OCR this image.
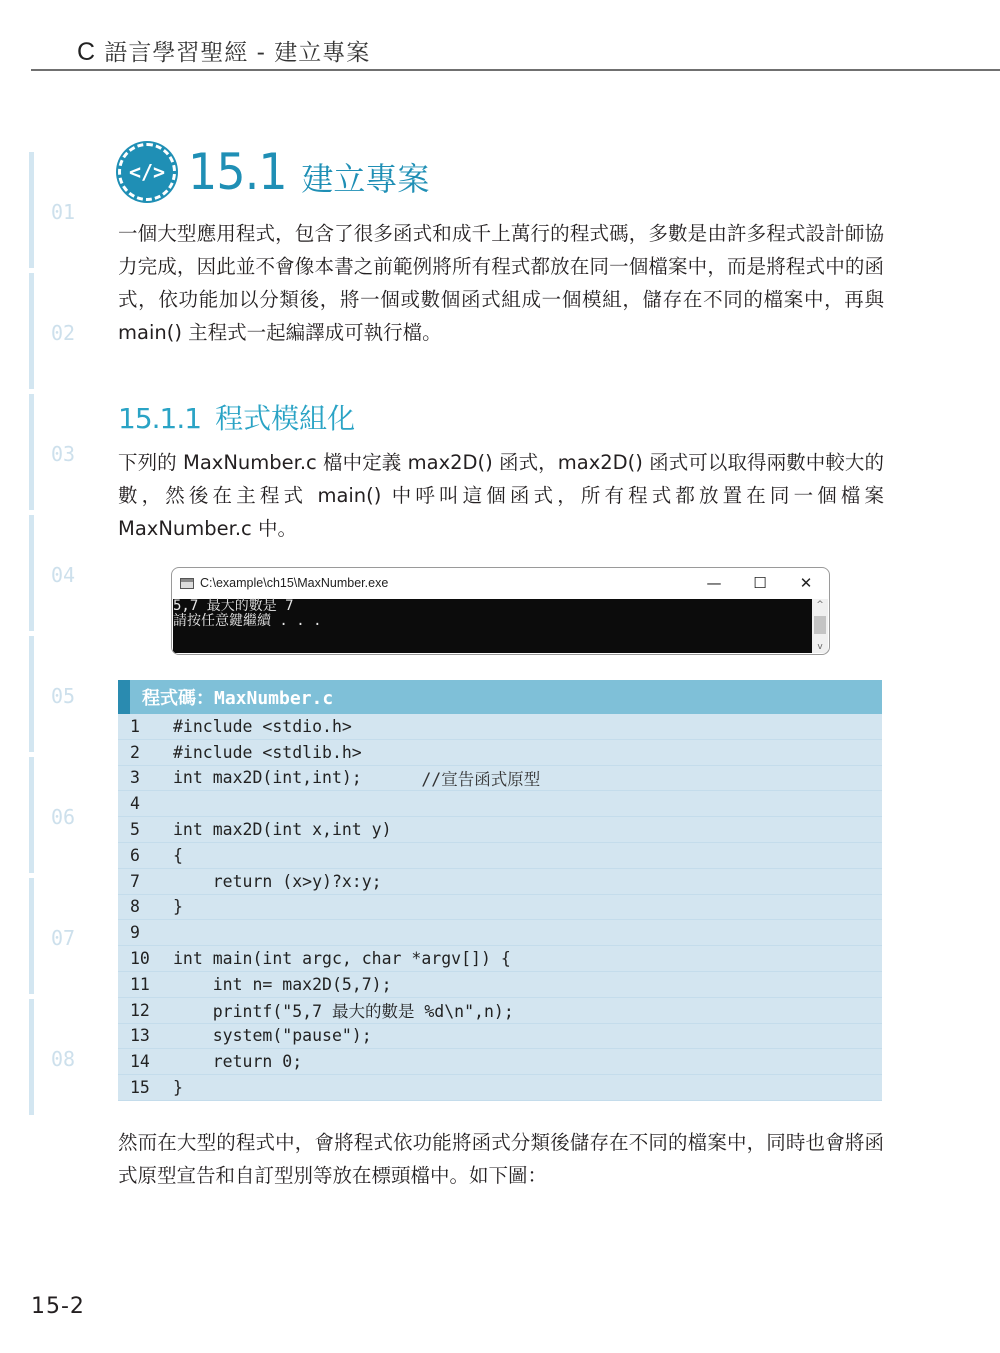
C 語言學習聖經 - 建立專案
01
02
03
04
05
06
07
08
</> 15.1 建立專案

一個大型應用程式，包含了很多函式和成千上萬行的程式碼，多數是由許多程式設計師協力完成，因此並不會像本書之前範例將所有程式都放在同一個檔案中，而是將程式中的函式，依功能加以分類後，將一個或數個函式組成一個模組，儲存在不同的檔案中，再與 main() 主程式一起編譯成可執行檔。

15.1.1 程式模組化

下列的 MaxNumber.c 檔中定義 max2D() 函式，max2D() 函式可以取得兩數中較大的數，然後在主程式 main() 中呼叫這個函式，所有程式都放置在同一個檔案 MaxNumber.c 中。

C:\example\ch15\MaxNumber.exe	—	☐	✕
5,7 最大的數是 7
請按任意鍵繼續 . . .
^
v
程式碼：MaxNumber.c
1	#include <stdio.h>
2	#include <stdlib.h>
3	int max2D(int,int); //宣告函式原型
4
5	int max2D(int x,int y)
6	{
7	return (x>y)?x:y;
8	}
9
10	int main(int argc, char *argv[]) {
11	int n= max2D(5,7);
12	printf("5,7 最大的數是 %d\n",n);
13	system("pause");
14	return 0;
15	}

然而在大型的程式中，會將程式依功能將函式分類後儲存在不同的檔案中，同時也會將函式原型宣告和自訂型別等放在標頭檔中。如下圖：

15-2
